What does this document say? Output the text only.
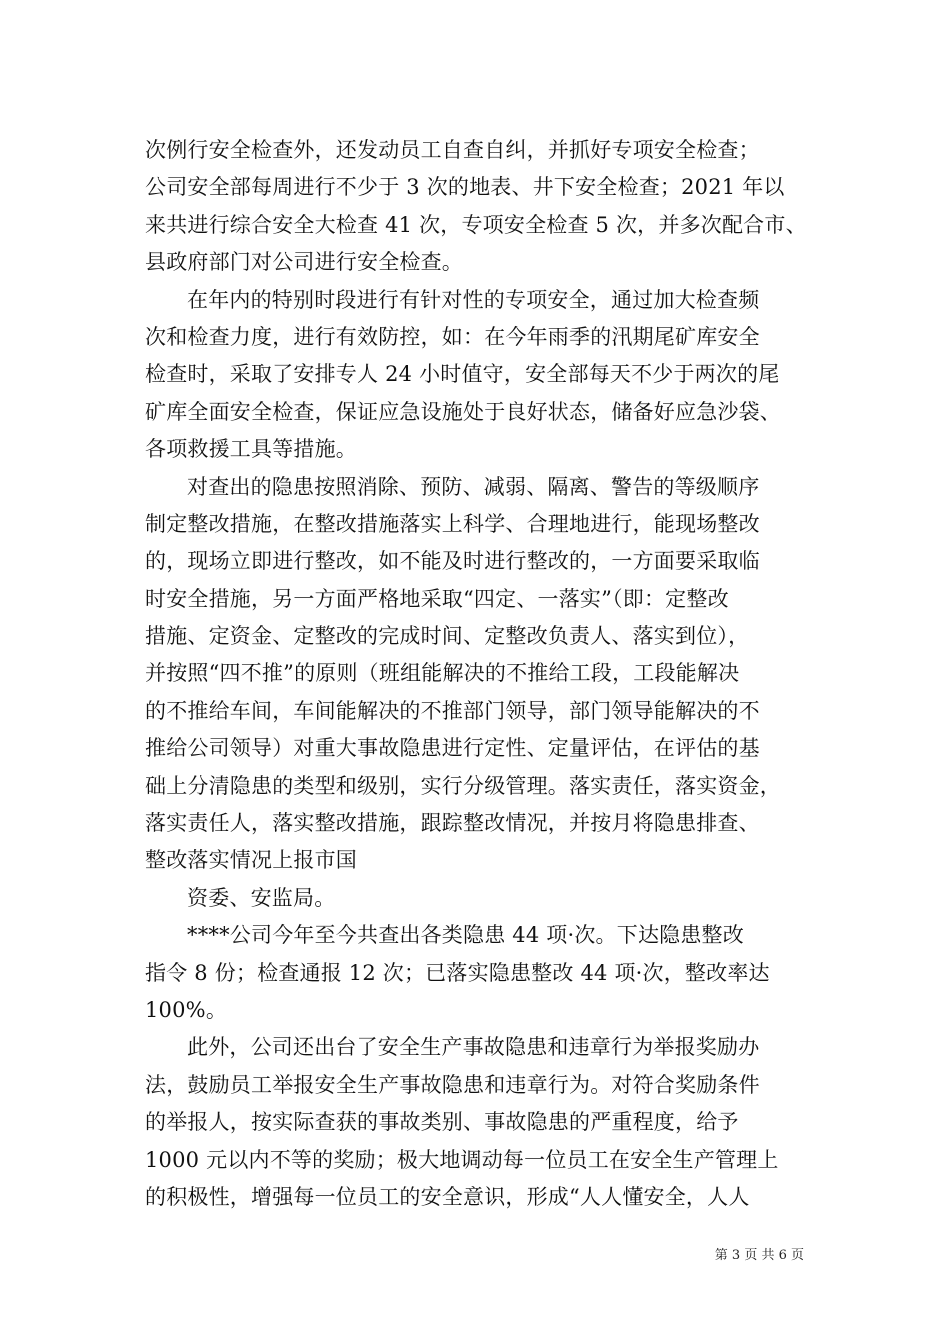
次例行安全检查外，还发动员工自查自纠，并抓好专项安全检查；
公司安全部每周进行不少于 3 次的地表、井下安全检查；2021 年以
来共进行综合安全大检查 41 次，专项安全检查 5 次，并多次配合市、
县政府部门对公司进行安全检查。
在年内的特别时段进行有针对性的专项安全，通过加大检查频
次和检查力度，进行有效防控，如：在今年雨季的汛期尾矿库安全
检查时，采取了安排专人 24 小时值守，安全部每天不少于两次的尾
矿库全面安全检查，保证应急设施处于良好状态，储备好应急沙袋、
各项救援工具等措施。
对查出的隐患按照消除、预防、减弱、隔离、警告的等级顺序
制定整改措施，在整改措施落实上科学、合理地进行，能现场整改
的，现场立即进行整改，如不能及时进行整改的，一方面要采取临
时安全措施，另一方面严格地采取“四定、一落实”（即：定整改
措施、定资金、定整改的完成时间、定整改负责人、落实到位），
并按照“四不推”的原则（班组能解决的不推给工段，工段能解决
的不推给车间，车间能解决的不推部门领导，部门领导能解决的不
推给公司领导）对重大事故隐患进行定性、定量评估，在评估的基
础上分清隐患的类型和级别，实行分级管理。落实责任，落实资金，
落实责任人，落实整改措施，跟踪整改情况，并按月将隐患排查、
整改落实情况上报市国
资委、安监局。
****公司今年至今共查出各类隐患 44 项·次。下达隐患整改
指令 8 份；检查通报 12 次；已落实隐患整改 44 项·次，整改率达
100%。
此外，公司还出台了安全生产事故隐患和违章行为举报奖励办
法，鼓励员工举报安全生产事故隐患和违章行为。对符合奖励条件
的举报人，按实际查获的事故类别、事故隐患的严重程度，给予
1000 元以内不等的奖励；极大地调动每一位员工在安全生产管理上
的积极性，增强每一位员工的安全意识，形成“人人懂安全，人人
第 3 页 共 6 页
